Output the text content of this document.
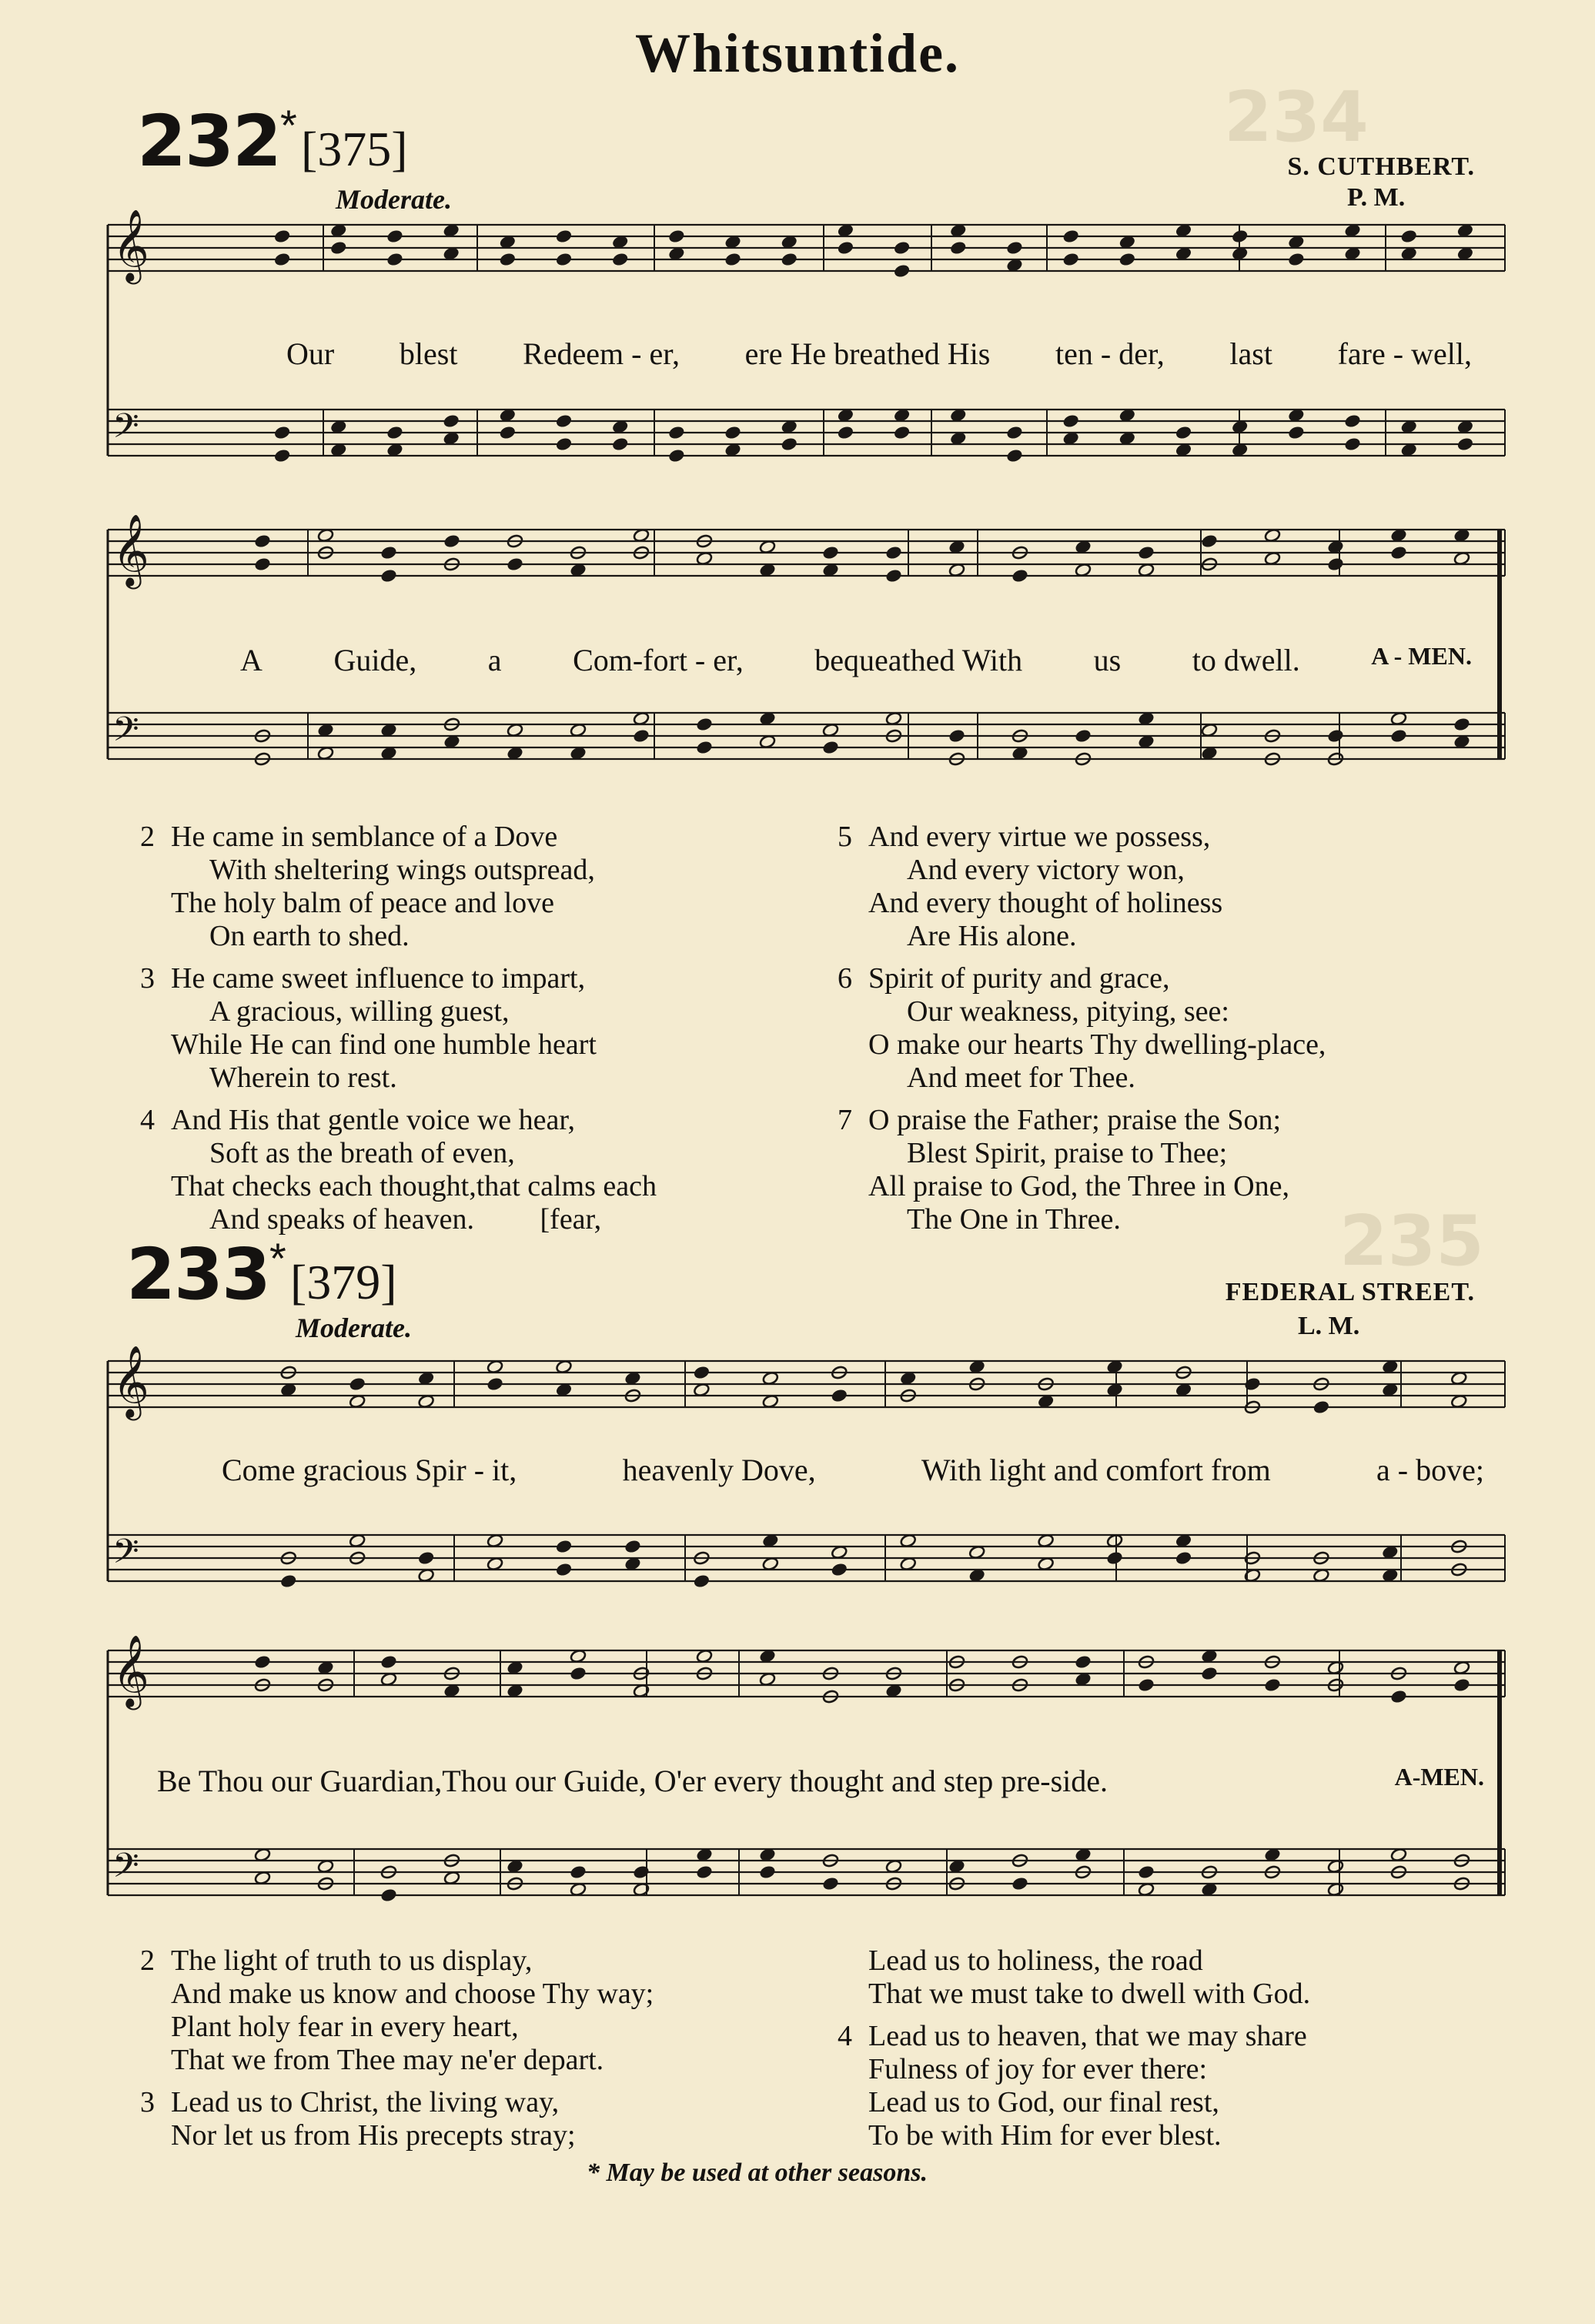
234
235
Whitsuntide.
232* [375]	S. CUTHBERT.
P. M.
Moderate.
𝄞
𝄢
𝄞
𝄢
𝄞
𝄢
𝄞
𝄢
Our blest Redeem - er, ere He breathed His ten - der, last fare - well,
A Guide, a Com-fort - er, bequeathed With us to dwell.	A - MEN.
2 He came in semblance of a Dove
With sheltering wings outspread,
The holy balm of peace and love
On earth to shed.
3 He came sweet influence to impart,
A gracious, willing guest,
While He can find one humble heart
Wherein to rest.
4 And His that gentle voice we hear,
Soft as the breath of even,
That checks each thought,that calms each
And speaks of heaven.         [fear,
5 And every virtue we possess,
And every victory won,
And every thought of holiness
Are His alone.
6 Spirit of purity and grace,
Our weakness, pitying, see:
O make our hearts Thy dwelling-place,
And meet for Thee.
7 O praise the Father; praise the Son;
Blest Spirit, praise to Thee;
All praise to God, the Three in One,
The One in Three.
233* [379]	FEDERAL STREET.
L. M.
Moderate.
Come gracious Spir - it,	heavenly Dove,	With light and comfort from	a - bove;
Be Thou our Guardian,Thou our Guide, O'er every thought and step pre-side.	A-MEN.
2 The light of truth to us display,
And make us know and choose Thy way;
Plant holy fear in every heart,
That we from Thee may ne'er depart.
3 Lead us to Christ, the living way,
Nor let us from His precepts stray;
Lead us to holiness, the road
That we must take to dwell with God.
4 Lead us to heaven, that we may share
Fulness of joy for ever there:
Lead us to God, our final rest,
To be with Him for ever blest.
* May be used at other seasons.
